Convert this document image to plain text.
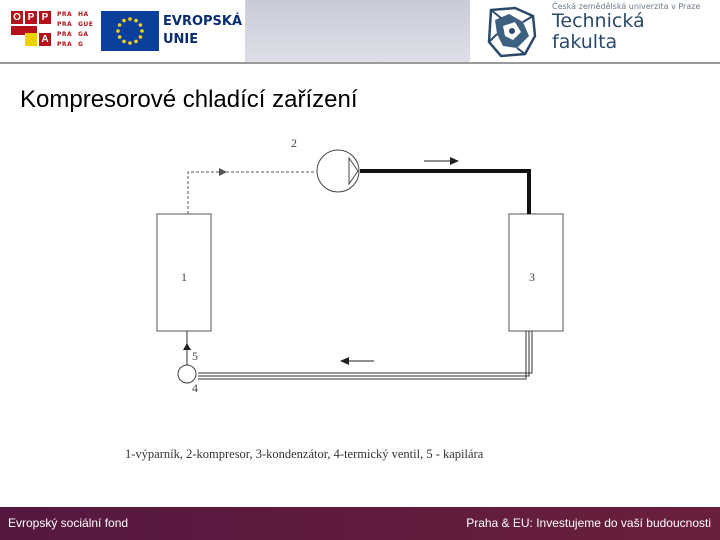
O P P
A
PRA HA
PRA GUE
PRA GA
PRA G
EVROPSKÁ
UNIE
Česká zemědělská univerzita v Praze
Technická
fakulta
Kompresorové chladící zařízení
2
1	3
5
4
1-výparník, 2-kompresor, 3-kondenzátor, 4-termický ventil, 5 - kapilára
Evropský sociální fond	Praha & EU: Investujeme do vaší budoucnosti
